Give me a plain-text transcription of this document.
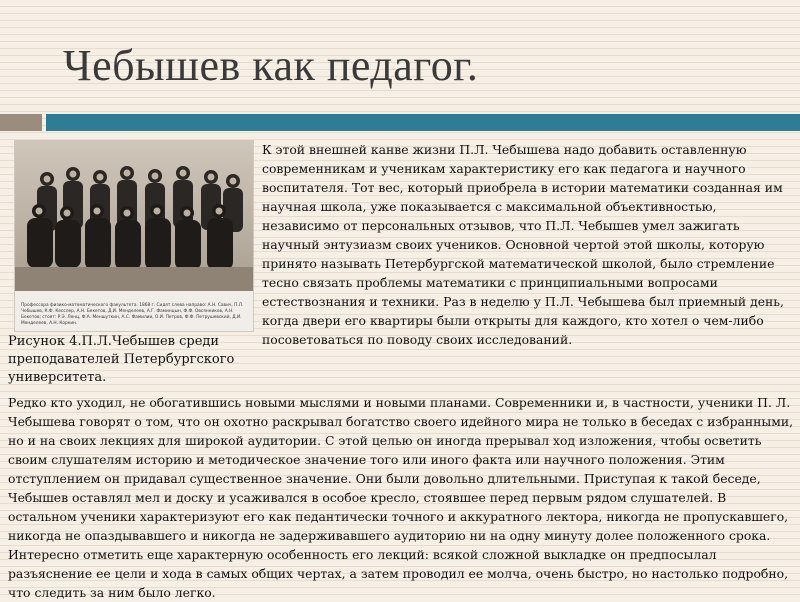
Чебышев как педагог.
Профессора физико-математического факультета. 1868 г. Сидят слева направо: А.Н. Савич, П.Л. Чебышев, К.Ф. Кесслер, А.Н. Бекетов, Д.И. Менделеев, А.Г. Фаминцын, Ф.Ф. Овсянников, А.Н. Бекетов; стоят: Р.Э. Ленц, Ф.А. Меншуткин, А.С. Фамилии, О.И. Петров, Ф.Ф. Петрушевский, Д.И. Менделеев, А.Н. Коркин.
Рисунок 4.П.Л.Чебышев среди преподавателей Петербургского университета.

К этой внешней канве жизни П.Л. Чебышева надо добавить оставленную современникам и ученикам характеристику его как педагога и научного воспитателя. Тот вес, который приобрела в истории математики созданная им научная школа, уже показывается с максимальной объективностью, независимо от персональных отзывов, что П.Л. Чебышев умел зажигать научный энтузиазм своих учеников. Основной чертой этой школы, которую принято называть Петербургской математической школой, было стремление тесно связать проблемы математики с принципиальными вопросами естествознания и техники. Раз в неделю у П.Л. Чебышева был приемный день, когда двери его квартиры были открыты для каждого, кто хотел о чем-либо посоветоваться по поводу своих исследований.

Редко кто уходил, не обогатившись новыми мыслями и новыми планами. Современники и, в частности, ученики П. Л. Чебышева говорят о том, что он охотно раскрывал богатство своего идейного мира не только в беседах с избранными, но и на своих лекциях для широкой аудитории. С этой целью он иногда прерывал ход изложения, чтобы осветить своим слушателям историю и методическое значение того или иного факта или научного положения. Этим отступлением он придавал существенное значение. Они были довольно длительными. Приступая к такой беседе, Чебышев оставлял мел и доску и усаживался в особое кресло, стоявшее перед первым рядом слушателей. В остальном ученики характеризуют его как педантически точного и аккуратного лектора, никогда не пропускавшего, никогда не опаздывавшего и никогда не задерживавшего аудиторию ни на одну минуту долее положенного срока. Интересно отметить еще характерную особенность его лекций: всякой сложной выкладке он предпосылал разъяснение ее цели и хода в самых общих чертах, а затем проводил ее молча, очень быстро, но настолько подробно, что следить за ним было легко.
